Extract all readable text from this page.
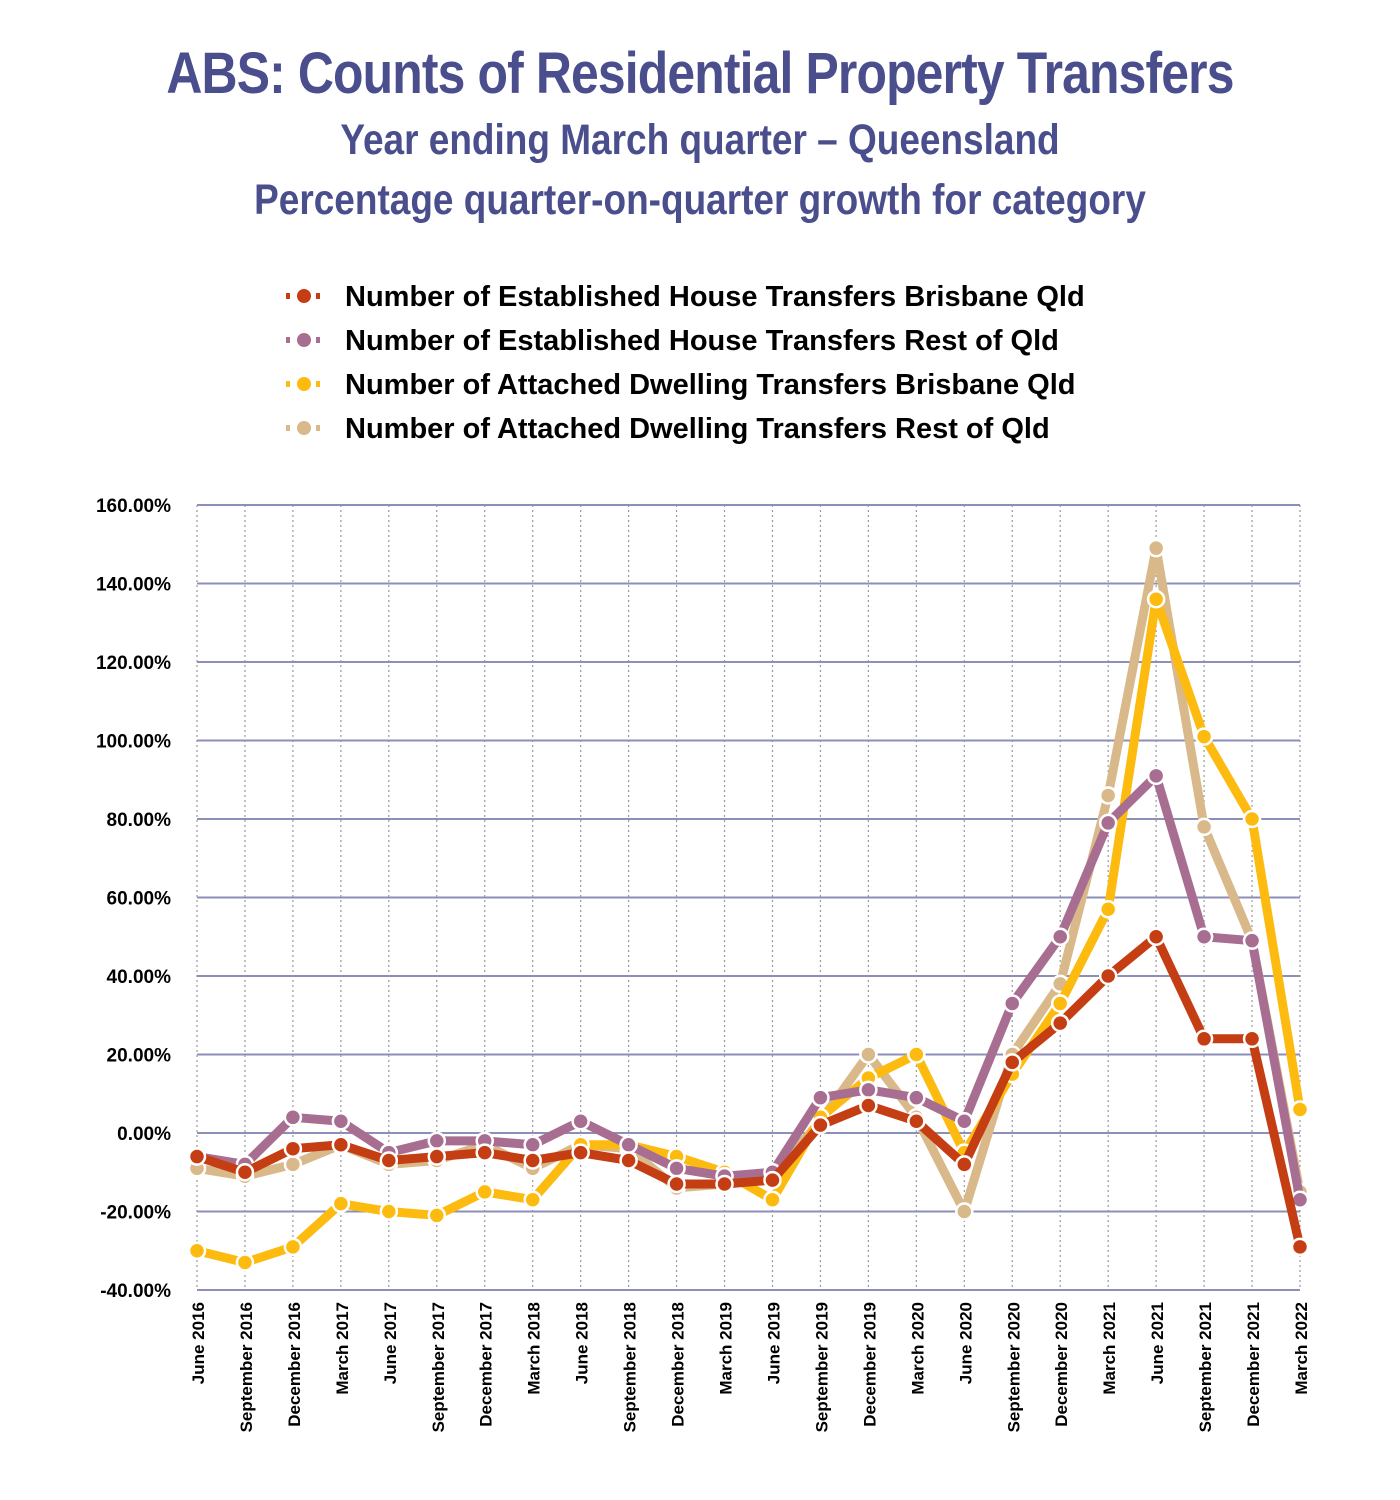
ABS: Counts of Residential Property Transfers
Year ending March quarter – Queensland
Percentage quarter-on-quarter growth for category
Number of Established House Transfers Brisbane Qld
Number of Established House Transfers Rest of Qld
Number of Attached Dwelling Transfers Brisbane Qld
Number of Attached Dwelling Transfers Rest of Qld
-40.00%
-20.00%
0.00%
20.00%
40.00%
60.00%
80.00%
100.00%
120.00%
140.00%
160.00%
June 2016 September 2016 December 2016 March 2017 June 2017 September 2017 December 2017 March 2018 June 2018 September 2018 December 2018 March 2019 June 2019 September 2019 December 2019 March 2020 June 2020 September 2020 December 2020 March 2021 June 2021 September 2021 December 2021 March 2022
